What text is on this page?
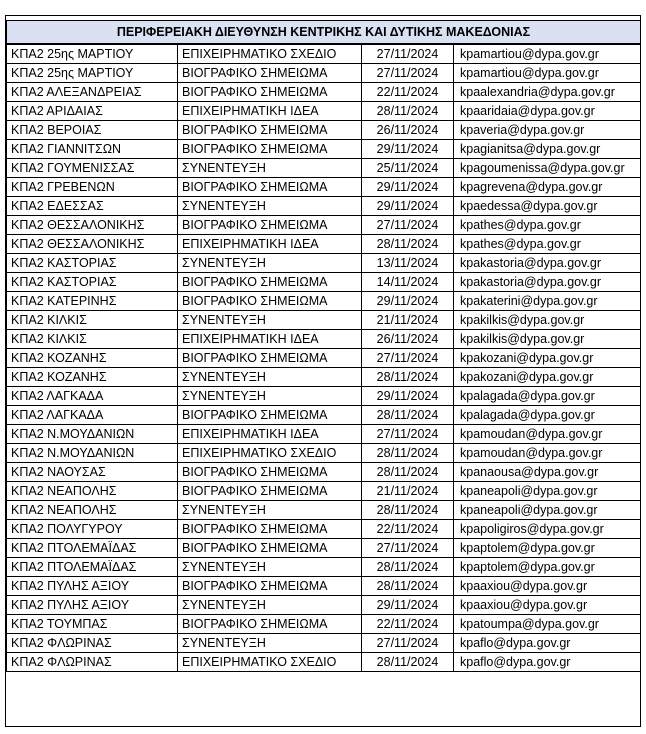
ΠΕΡΙΦΕΡΕΙΑΚΗ ΔΙΕΥΘΥΝΣΗ ΚΕΝΤΡΙΚΗΣ ΚΑΙ ΔΥΤΙΚΗΣ ΜΑΚΕΔΟΝΙΑΣ			
ΚΠΑ2 25ης ΜΑΡΤΙΟΥ	ΕΠΙΧΕΙΡΗΜΑΤΙΚΟ ΣΧΕΔΙΟ	27/11/2024	kpamartiou@dypa.gov.gr
ΚΠΑ2 25ης ΜΑΡΤΙΟΥ	ΒΙΟΓΡΑΦΙΚΟ ΣΗΜΕΙΩΜΑ	27/11/2024	kpamartiou@dypa.gov.gr
ΚΠΑ2 ΑΛΕΞΑΝΔΡΕΙΑΣ	ΒΙΟΓΡΑΦΙΚΟ ΣΗΜΕΙΩΜΑ	22/11/2024	kpaalexandria@dypa.gov.gr
ΚΠΑ2 ΑΡΙΔΑΙΑΣ	ΕΠΙΧΕΙΡΗΜΑΤΙΚΗ ΙΔΕΑ	28/11/2024	kpaaridaia@dypa.gov.gr
ΚΠΑ2 ΒΕΡΟΙΑΣ	ΒΙΟΓΡΑΦΙΚΟ ΣΗΜΕΙΩΜΑ	26/11/2024	kpaveria@dypa.gov.gr
ΚΠΑ2 ΓΙΑΝΝΙΤΣΩΝ	ΒΙΟΓΡΑΦΙΚΟ ΣΗΜΕΙΩΜΑ	29/11/2024	kpagianitsa@dypa.gov.gr
ΚΠΑ2 ΓΟΥΜΕΝΙΣΣΑΣ	ΣΥΝΕΝΤΕΥΞΗ	25/11/2024	kpagoumenissa@dypa.gov.gr
ΚΠΑ2 ΓΡΕΒΕΝΩΝ	ΒΙΟΓΡΑΦΙΚΟ ΣΗΜΕΙΩΜΑ	29/11/2024	kpagrevena@dypa.gov.gr
ΚΠΑ2 ΕΔΕΣΣΑΣ	ΣΥΝΕΝΤΕΥΞΗ	29/11/2024	kpaedessa@dypa.gov.gr
ΚΠΑ2 ΘΕΣΣΑΛΟΝΙΚΗΣ	ΒΙΟΓΡΑΦΙΚΟ ΣΗΜΕΙΩΜΑ	27/11/2024	kpathes@dypa.gov.gr
ΚΠΑ2 ΘΕΣΣΑΛΟΝΙΚΗΣ	ΕΠΙΧΕΙΡΗΜΑΤΙΚΗ ΙΔΕΑ	28/11/2024	kpathes@dypa.gov.gr
ΚΠΑ2 ΚΑΣΤΟΡΙΑΣ	ΣΥΝΕΝΤΕΥΞΗ	13/11/2024	kpakastoria@dypa.gov.gr
ΚΠΑ2 ΚΑΣΤΟΡΙΑΣ	ΒΙΟΓΡΑΦΙΚΟ ΣΗΜΕΙΩΜΑ	14/11/2024	kpakastoria@dypa.gov.gr
ΚΠΑ2 ΚΑΤΕΡΙΝΗΣ	ΒΙΟΓΡΑΦΙΚΟ ΣΗΜΕΙΩΜΑ	29/11/2024	kpakaterini@dypa.gov.gr
ΚΠΑ2 ΚΙΛΚΙΣ	ΣΥΝΕΝΤΕΥΞΗ	21/11/2024	kpakilkis@dypa.gov.gr
ΚΠΑ2 ΚΙΛΚΙΣ	ΕΠΙΧΕΙΡΗΜΑΤΙΚΗ ΙΔΕΑ	26/11/2024	kpakilkis@dypa.gov.gr
ΚΠΑ2 ΚΟΖΑΝΗΣ	ΒΙΟΓΡΑΦΙΚΟ ΣΗΜΕΙΩΜΑ	27/11/2024	kpakozani@dypa.gov.gr
ΚΠΑ2 ΚΟΖΑΝΗΣ	ΣΥΝΕΝΤΕΥΞΗ	28/11/2024	kpakozani@dypa.gov.gr
ΚΠΑ2 ΛΑΓΚΑΔΑ	ΣΥΝΕΝΤΕΥΞΗ	29/11/2024	kpalagada@dypa.gov.gr
ΚΠΑ2 ΛΑΓΚΑΔΑ	ΒΙΟΓΡΑΦΙΚΟ ΣΗΜΕΙΩΜΑ	28/11/2024	kpalagada@dypa.gov.gr
ΚΠΑ2 Ν.ΜΟΥΔΑΝΙΩΝ	ΕΠΙΧΕΙΡΗΜΑΤΙΚΗ ΙΔΕΑ	27/11/2024	kpamoudan@dypa.gov.gr
ΚΠΑ2 Ν.ΜΟΥΔΑΝΙΩΝ	ΕΠΙΧΕΙΡΗΜΑΤΙΚΟ ΣΧΕΔΙΟ	28/11/2024	kpamoudan@dypa.gov.gr
ΚΠΑ2 ΝΑΟΥΣΑΣ	ΒΙΟΓΡΑΦΙΚΟ ΣΗΜΕΙΩΜΑ	28/11/2024	kpanaousa@dypa.gov.gr
ΚΠΑ2 ΝΕΑΠΟΛΗΣ	ΒΙΟΓΡΑΦΙΚΟ ΣΗΜΕΙΩΜΑ	21/11/2024	kpaneapoli@dypa.gov.gr
ΚΠΑ2 ΝΕΑΠΟΛΗΣ	ΣΥΝΕΝΤΕΥΞΗ	28/11/2024	kpaneapoli@dypa.gov.gr
ΚΠΑ2 ΠΟΛΥΓΥΡΟΥ	ΒΙΟΓΡΑΦΙΚΟ ΣΗΜΕΙΩΜΑ	22/11/2024	kpapoligiros@dypa.gov.gr
ΚΠΑ2 ΠΤΟΛΕΜΑΪΔΑΣ	ΒΙΟΓΡΑΦΙΚΟ ΣΗΜΕΙΩΜΑ	27/11/2024	kpaptolem@dypa.gov.gr
ΚΠΑ2 ΠΤΟΛΕΜΑΪΔΑΣ	ΣΥΝΕΝΤΕΥΞΗ	28/11/2024	kpaptolem@dypa.gov.gr
ΚΠΑ2 ΠΥΛΗΣ ΑΞΙΟΥ	ΒΙΟΓΡΑΦΙΚΟ ΣΗΜΕΙΩΜΑ	28/11/2024	kpaaxiou@dypa.gov.gr
ΚΠΑ2 ΠΥΛΗΣ ΑΞΙΟΥ	ΣΥΝΕΝΤΕΥΞΗ	29/11/2024	kpaaxiou@dypa.gov.gr
ΚΠΑ2 ΤΟΥΜΠΑΣ	ΒΙΟΓΡΑΦΙΚΟ ΣΗΜΕΙΩΜΑ	22/11/2024	kpatoumpa@dypa.gov.gr
ΚΠΑ2 ΦΛΩΡΙΝΑΣ	ΣΥΝΕΝΤΕΥΞΗ	27/11/2024	kpaflo@dypa.gov.gr
ΚΠΑ2 ΦΛΩΡΙΝΑΣ	ΕΠΙΧΕΙΡΗΜΑΤΙΚΟ ΣΧΕΔΙΟ	28/11/2024	kpaflo@dypa.gov.gr
